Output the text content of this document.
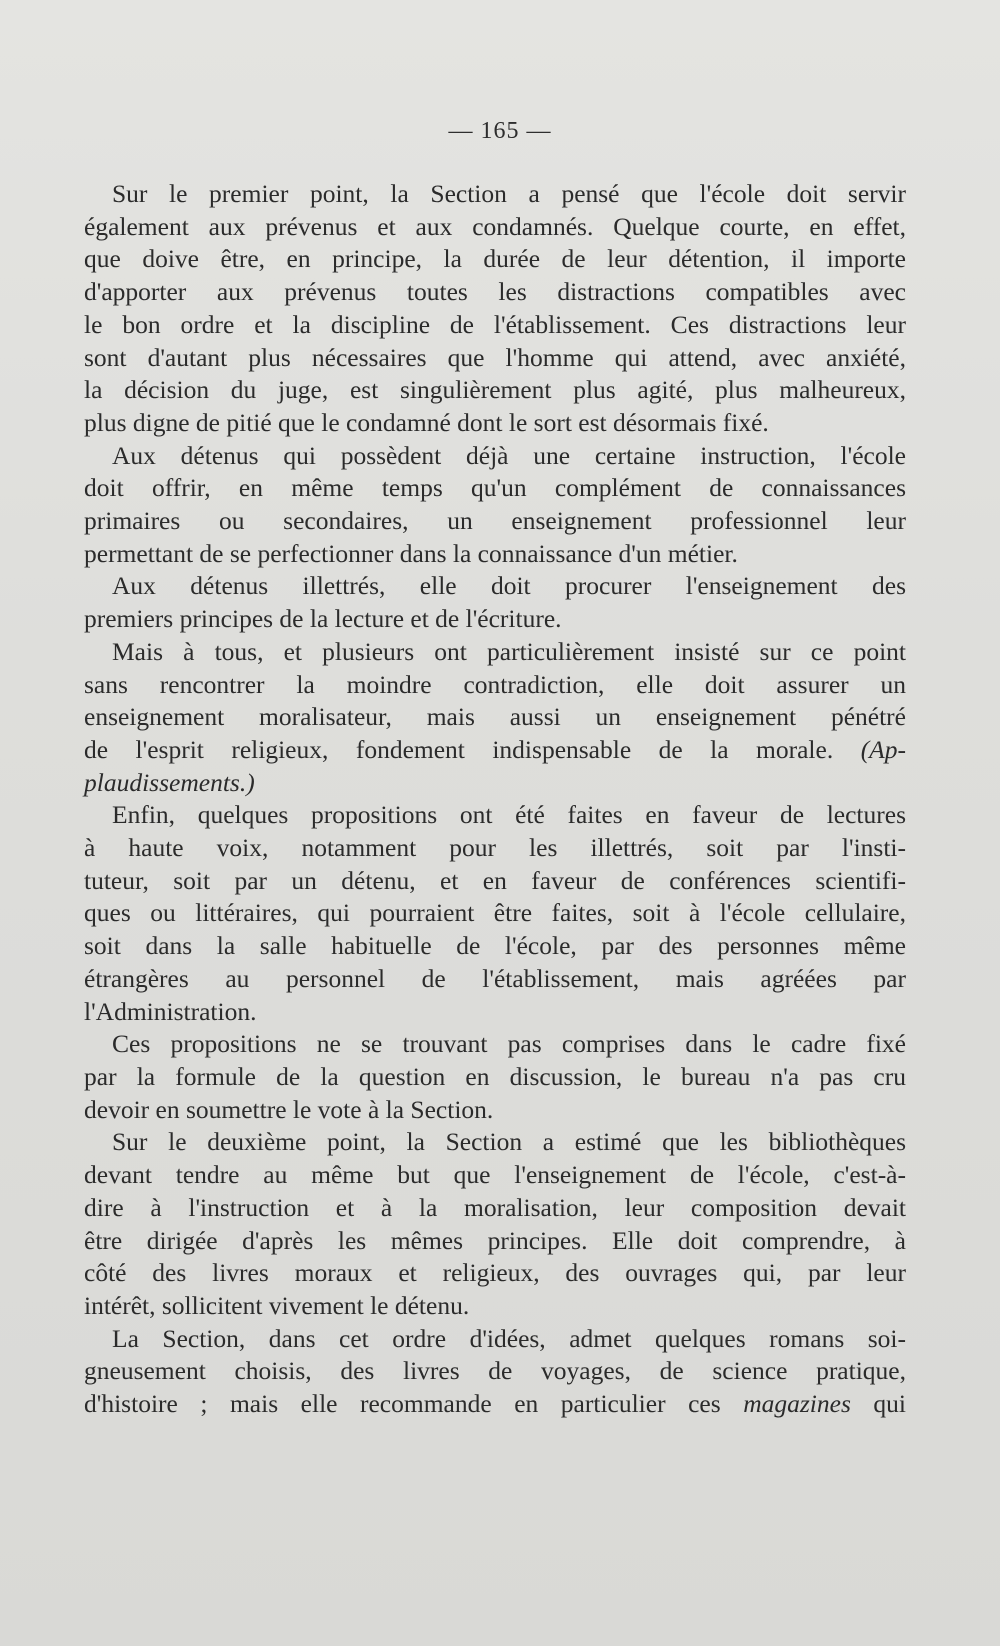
— 165 —

Sur le premier point, la Section a pensé que l'école doit servir
également aux prévenus et aux condamnés. Quelque courte, en effet,
que doive être, en principe, la durée de leur détention, il importe
d'apporter aux prévenus toutes les distractions compatibles avec
le bon ordre et la discipline de l'établissement. Ces distractions leur
sont d'autant plus nécessaires que l'homme qui attend, avec anxiété,
la décision du juge, est singulièrement plus agité, plus malheureux,
plus digne de pitié que le condamné dont le sort est désormais fixé.

Aux détenus qui possèdent déjà une certaine instruction, l'école
doit offrir, en même temps qu'un complément de connaissances
primaires ou secondaires, un enseignement professionnel leur
permettant de se perfectionner dans la connaissance d'un métier.

Aux détenus illettrés, elle doit procurer l'enseignement des
premiers principes de la lecture et de l'écriture.

Mais à tous, et plusieurs ont particulièrement insisté sur ce point
sans rencontrer la moindre contradiction, elle doit assurer un
enseignement moralisateur, mais aussi un enseignement pénétré
de l'esprit religieux, fondement indispensable de la morale. (Ap-
plaudissements.)

Enfin, quelques propositions ont été faites en faveur de lectures
à haute voix, notamment pour les illettrés, soit par l'insti-
tuteur, soit par un détenu, et en faveur de conférences scientifi-
ques ou littéraires, qui pourraient être faites, soit à l'école cellulaire,
soit dans la salle habituelle de l'école, par des personnes même
étrangères au personnel de l'établissement, mais agréées par
l'Administration.

Ces propositions ne se trouvant pas comprises dans le cadre fixé
par la formule de la question en discussion, le bureau n'a pas cru
devoir en soumettre le vote à la Section.

Sur le deuxième point, la Section a estimé que les bibliothèques
devant tendre au même but que l'enseignement de l'école, c'est-à-
dire à l'instruction et à la moralisation, leur composition devait
être dirigée d'après les mêmes principes. Elle doit comprendre, à
côté des livres moraux et religieux, des ouvrages qui, par leur
intérêt, sollicitent vivement le détenu.

La Section, dans cet ordre d'idées, admet quelques romans soi-
gneusement choisis, des livres de voyages, de science pratique,
d'histoire ; mais elle recommande en particulier ces magazines qui
